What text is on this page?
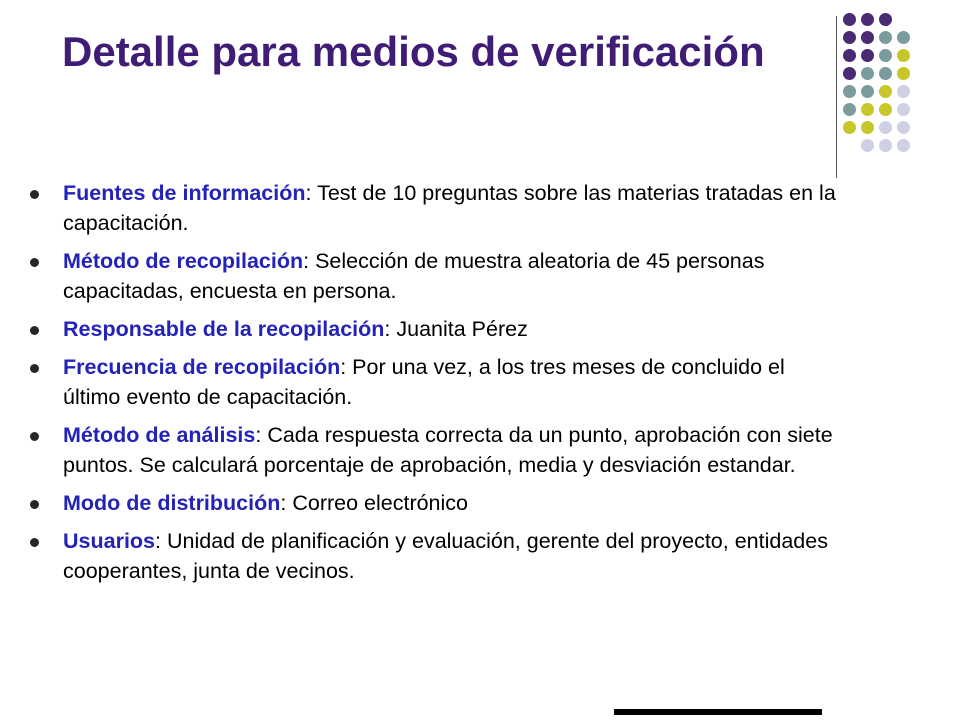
Detalle para medios de verificación
Fuentes de información: Test de 10 preguntas sobre las materias tratadas en la capacitación.
Método de recopilación: Selección de muestra aleatoria de 45 personas capacitadas, encuesta en persona.
Responsable de la recopilación: Juanita Pérez
Frecuencia de recopilación: Por una vez, a los tres meses de concluido el último evento de capacitación.
Método de análisis: Cada respuesta correcta da un punto, aprobación con siete puntos. Se calculará porcentaje de aprobación, media y desviación estandar.
Modo de distribución: Correo electrónico
Usuarios: Unidad de planificación y evaluación, gerente del proyecto, entidades cooperantes, junta de vecinos.
